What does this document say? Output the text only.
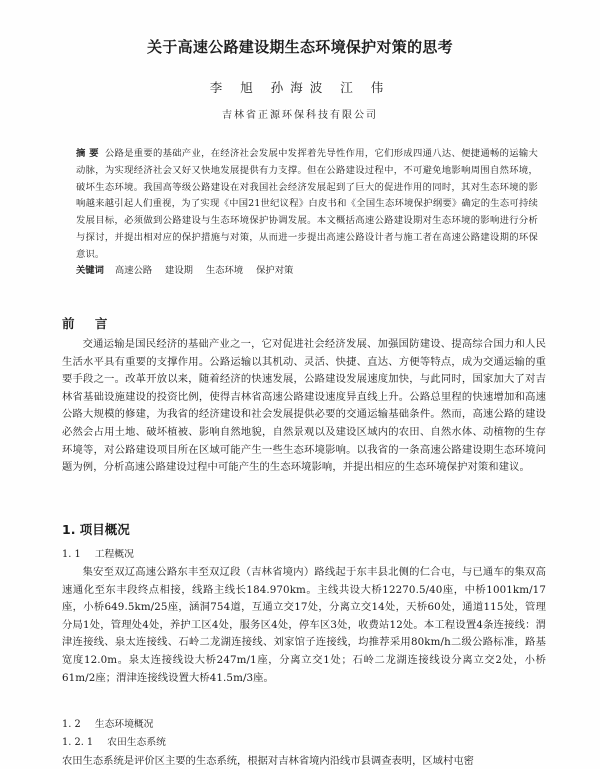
关于高速公路建设期生态环境保护对策的思考
李 旭 孙海波 江 伟
吉林省正源环保科技有限公司
摘 要 公路是重要的基础产业，在经济社会发展中发挥着先导性作用，它们形成四通八达、便捷通畅的运输大动脉，为实现经济社会又好又快地发展提供有力支撑。但在公路建设过程中，不可避免地影响周围自然环境，破坏生态环境。我国高等级公路建设在对我国社会经济发展起到了巨大的促进作用的同时，其对生态环境的影响越来越引起人们重视，为了实现《中国21世纪议程》白皮书和《全国生态环境保护纲要》确定的生态可持续发展目标，必须做到公路建设与生态环境保护协调发展。本文概括高速公路建设期对生态环境的影响进行分析与探讨，并提出相对应的保护措施与对策，从而进一步提出高速公路设计者与施工者在高速公路建设期的环保意识。
关键词 高速公路 建设期 生态环境 保护对策
前 言

交通运输是国民经济的基础产业之一，它对促进社会经济发展、加强国防建设、提高综合国力和人民生活水平具有重要的支撑作用。公路运输以其机动、灵活、快捷、直达、方便等特点，成为交通运输的重要手段之一。改革开放以来，随着经济的快速发展，公路建设发展速度加快，与此同时，国家加大了对吉林省基础设施建设的投资比例，使得吉林省高速公路建设速度异直线上升。公路总里程的快速增加和高速公路大规模的修建，为我省的经济建设和社会发展提供必要的交通运输基础条件。然而，高速公路的建设必然会占用土地、破坏植被、影响自然地貌，自然景观以及建设区域内的农田、自然水体、动植物的生存环境等，对公路建设项目所在区域可能产生一些生态环境影响。以我省的一条高速公路建设期生态环境问题为例，分析高速公路建设过程中可能产生的生态环境影响，并提出相应的生态环境保护对策和建议。

1. 项目概况
1. 1 工程概况

集安至双辽高速公路东丰至双辽段（吉林省境内）路线起于东丰县北侧的仁合屯，与已通车的集双高速通化至东丰段终点相接，线路主线长184.970km。主线共设大桥12270.5/40座，中桥1001km/17座，小桥649.5km/25座，涵洞754道，互通立交17处，分离立交14处，天桥60处，通道115处，管理分局1处，管理处4处，养护工区4处，服务区4处，停车区3处，收费站12处。本工程设置4条连接线：渭津连接线、泉太连接线、石岭二龙湖连接线、刘家馆子连接线，均推荐采用80km/h二级公路标准，路基宽度12.0m。泉太连接线设大桥247m/1座，分离立交1处；石岭二龙湖连接线设分离立交2处，小桥61m/2座；渭津连接线设置大桥41.5m/3座。

1. 2 生态环境概况
1. 2. 1 农田生态系统
农田生态系统是评价区主要的生态系统，根据对吉林省境内沿线市县调查表明，区域村屯密
